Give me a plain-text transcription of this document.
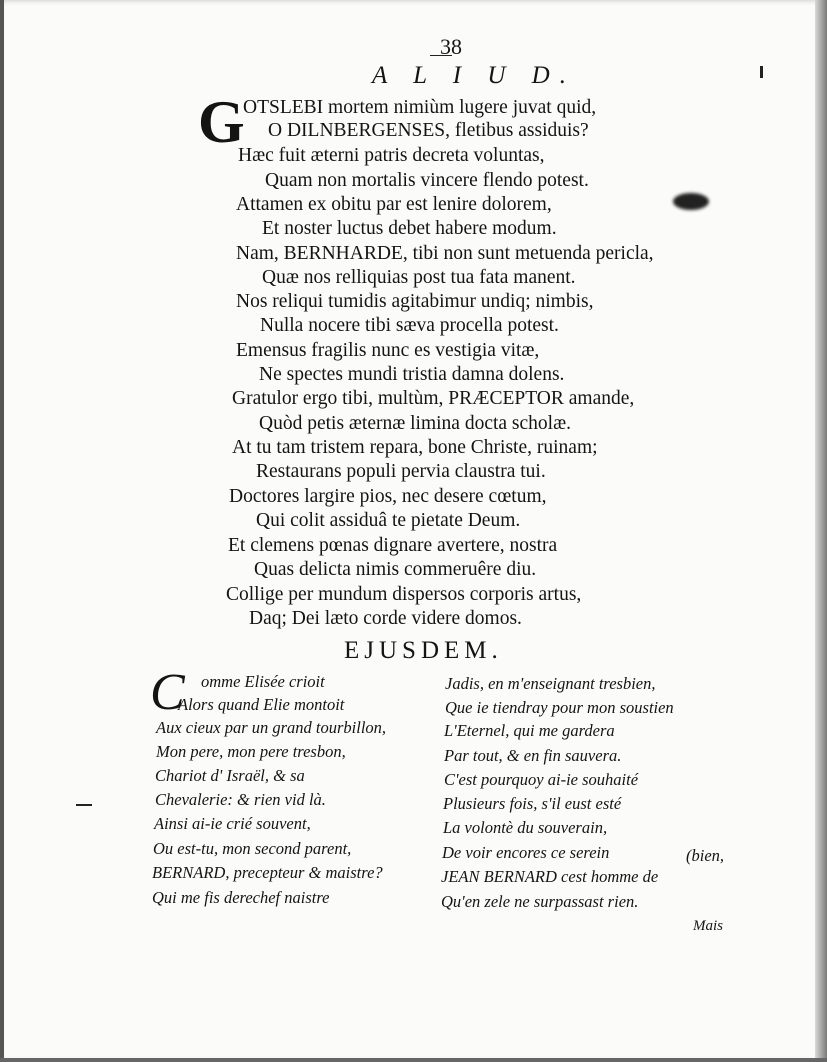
38
A L I U D.
G
OTSLEBI mortem nimiùm lugere juvat quid,
O DILNBERGENSES, fletibus assiduis?
Hæc fuit æterni patris decreta voluntas,
Quam non mortalis vincere flendo potest.
Attamen ex obitu par est lenire dolorem,
Et noster luctus debet habere modum.
Nam, BERNHARDE, tibi non sunt metuenda pericla,
Quæ nos relliquias post tua fata manent.
Nos reliqui tumidis agitabimur undiq; nimbis,
Nulla nocere tibi sæva procella potest.
Emensus fragilis nunc es vestigia vitæ,
Ne spectes mundi tristia damna dolens.
Gratulor ergo tibi, multùm, PRÆCEPTOR amande,
Quòd petis æternæ limina docta scholæ.
At tu tam tristem repara, bone Christe, ruinam;
Restaurans populi pervia claustra tui.
Doctores largire pios, nec desere cœtum,
Qui colit assiduâ te pietate Deum.
Et clemens pœnas dignare avertere, nostra
Quas delicta nimis commeruêre diu.
Collige per mundum dispersos corporis artus,
Daq; Dei læto corde videre domos.
EJUSDEM.
C omme Elisée crioit
Alors quand Elie montoit
Aux cieux par un grand tourbillon,
Mon pere, mon pere tresbon,
Chariot d' Israël, & sa
Chevalerie: & rien vid là.
Ainsi ai-ie crié souvent,
Ou est-tu, mon second parent,
BERNARD, precepteur & maistre?
Qui me fis derechef naistre
Jadis, en m'enseignant tresbien,
Que ie tiendray pour mon soustien
L'Eternel, qui me gardera
Par tout, & en fin sauvera.
C'est pourquoy ai-ie souhaité
Plusieurs fois, s'il eust esté
La volontè du souverain,
De voir encores ce serein
JEAN BERNARD cest homme de
Qu'en zele ne surpassast rien.
(bien,
Mais
